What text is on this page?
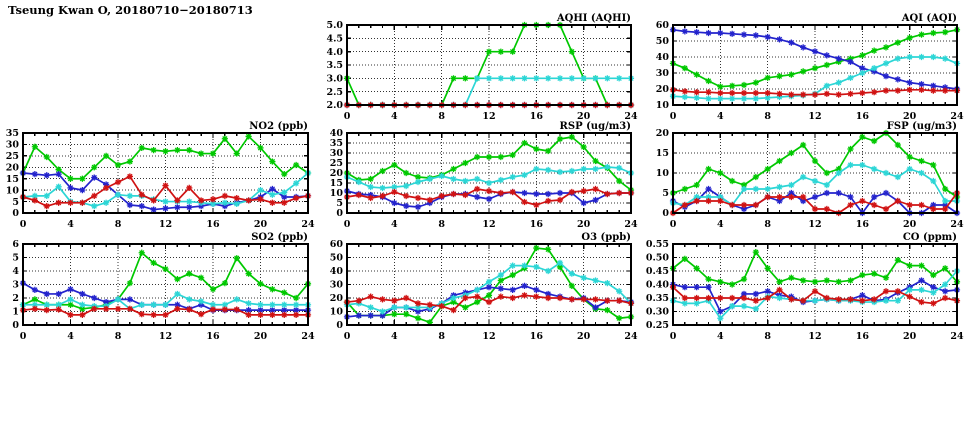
Tseung Kwan O, 20180710−20180713
2.0
2.5
3.0
3.5
4.0
4.5
5.0
0	4	8	12	16	20	24
AQHI (AQHI)
10
20
30
40
50
60
0	4	8	12	16	20	24
AQI (AQI)
0
5
10
15
20
25
30
35
0	4	8	12	16	20	24
NO2 (ppb)
0
5
10
15
20
25
30
35
40
0	4	8	12	16	20	24
RSP (ug/m3)
0
5
10
15
20
0	4	8	12	16	20	24
FSP (ug/m3)
0
1
2
3
4
5
6
0	4	8	12	16	20	24
SO2 (ppb)
0
10
20
30
40
50
60
0	4	8	12	16	20	24
O3 (ppb)
0.25
0.30
0.35
0.40
0.45
0.50
0.55
0	4	8	12	16	20	24
CO (ppm)
